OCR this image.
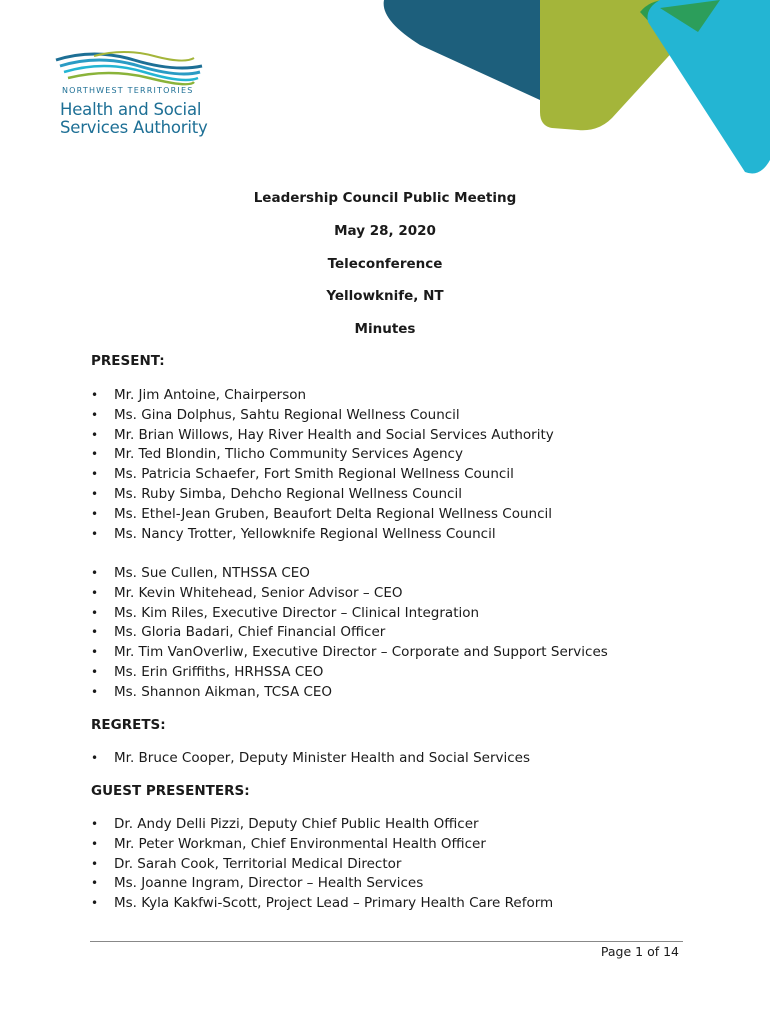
NORTHWEST TERRITORIES
Health and Social
Services Authority
Leadership Council Public Meeting
May 28, 2020
Teleconference
Yellowknife, NT
Minutes
PRESENT:
• Mr. Jim Antoine, Chairperson
• Ms. Gina Dolphus, Sahtu Regional Wellness Council
• Mr. Brian Willows, Hay River Health and Social Services Authority
• Mr. Ted Blondin, Tlicho Community Services Agency
• Ms. Patricia Schaefer, Fort Smith Regional Wellness Council
• Ms. Ruby Simba, Dehcho Regional Wellness Council
• Ms. Ethel-Jean Gruben, Beaufort Delta Regional Wellness Council
• Ms. Nancy Trotter, Yellowknife Regional Wellness Council
• Ms. Sue Cullen, NTHSSA CEO
• Mr. Kevin Whitehead, Senior Advisor – CEO
• Ms. Kim Riles, Executive Director – Clinical Integration
• Ms. Gloria Badari, Chief Financial Officer
• Mr. Tim VanOverliw, Executive Director – Corporate and Support Services
• Ms. Erin Griffiths, HRHSSA CEO
• Ms. Shannon Aikman, TCSA CEO
REGRETS:
• Mr. Bruce Cooper, Deputy Minister Health and Social Services
GUEST PRESENTERS:
• Dr. Andy Delli Pizzi, Deputy Chief Public Health Officer
• Mr. Peter Workman, Chief Environmental Health Officer
• Dr. Sarah Cook, Territorial Medical Director
• Ms. Joanne Ingram, Director – Health Services
• Ms. Kyla Kakfwi-Scott, Project Lead – Primary Health Care Reform
Page 1 of 14
